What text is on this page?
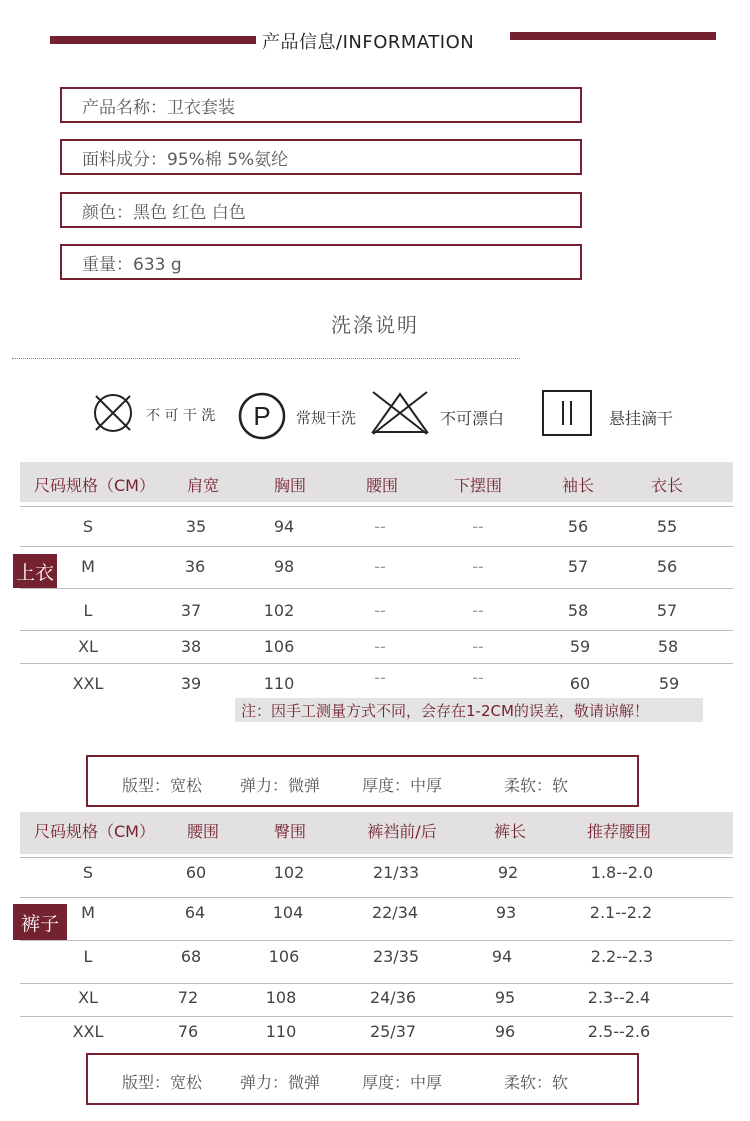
产品信息/INFORMATION
产品名称：卫衣套装
面料成分：95%棉 5%氨纶
颜色：黑色 红色 白色
重量：633 g
洗涤说明
不 可 干 洗 P 常规干洗	不可漂白	悬挂滴干
尺码规格（CM） 肩宽	胸围	腰围	下摆围	袖长	衣长
上衣
S	35	94	--	--	56	55
M	36	98	--	--	57	56
L	37	102	--	--	58	57
XL	38	106	--	--	59	58
XXL	39	110	--	--	60	59
注：因手工测量方式不同，会存在1-2CM的误差，敬请谅解！
版型：宽松 弹力：微弹	厚度：中厚	柔软：软
尺码规格（CM） 腰围	臀围	裤裆前/后	裤长	推荐腰围
裤子
S	60	102	21/33	92	1.8--2.0
M	64	104	22/34	93	2.1--2.2
L	68	106	23/35	94	2.2--2.3
XL	72	108	24/36	95	2.3--2.4
XXL	76	110	25/37	96	2.5--2.6
版型：宽松 弹力：微弹	厚度：中厚	柔软：软
